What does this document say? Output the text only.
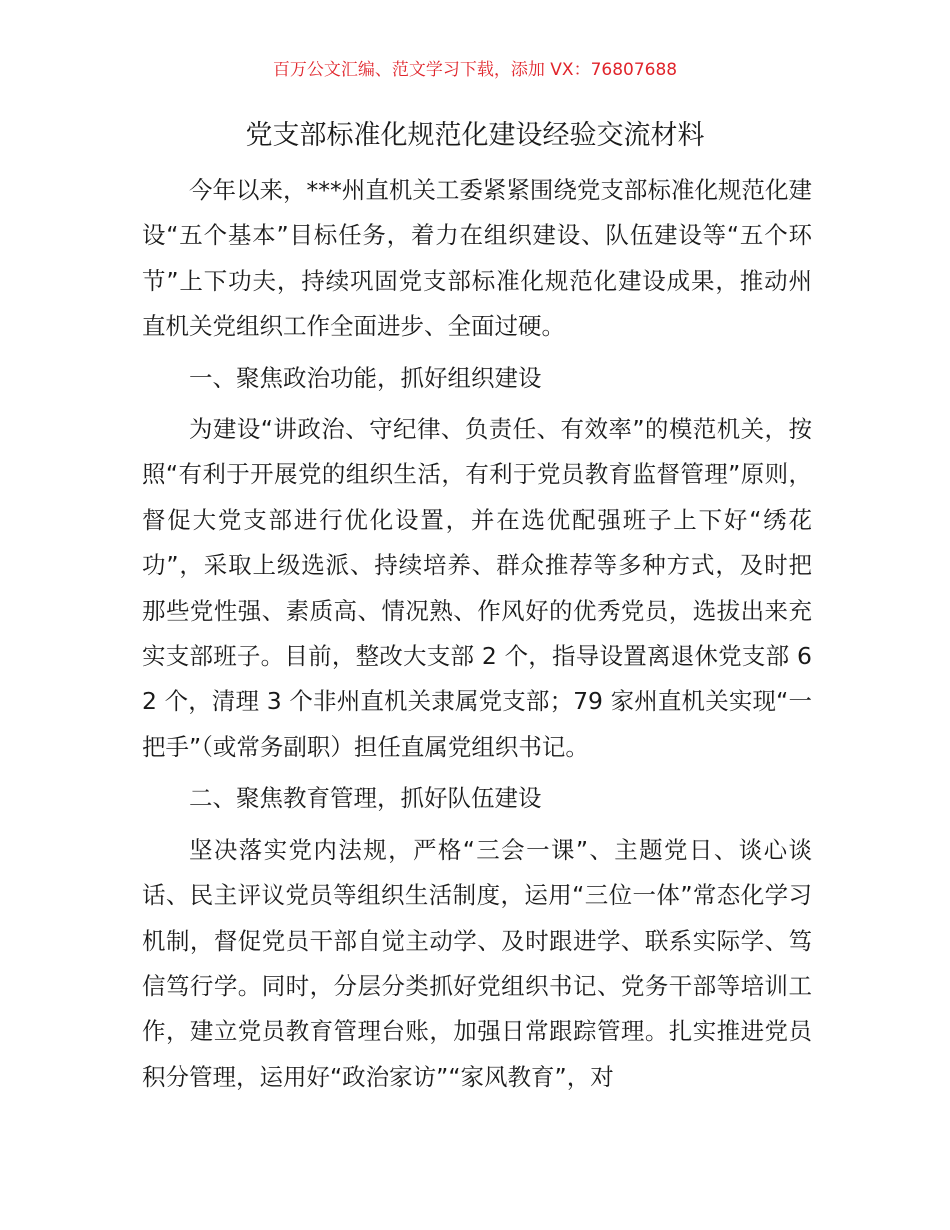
百万公文汇编、范文学习下载，添加 VX：76807688
党支部标准化规范化建设经验交流材料

今年以来，***州直机关工委紧紧围绕党支部标准化规范化建设“五个基本”目标任务，着力在组织建设、队伍建设等“五个环节”上下功夫，持续巩固党支部标准化规范化建设成果，推动州直机关党组织工作全面进步、全面过硬。

一、聚焦政治功能，抓好组织建设

为建设“讲政治、守纪律、负责任、有效率”的模范机关，按照“有利于开展党的组织生活，有利于党员教育监督管理”原则，督促大党支部进行优化设置，并在选优配强班子上下好“绣花功”，采取上级选派、持续培养、群众推荐等多种方式，及时把那些党性强、素质高、情况熟、作风好的优秀党员，选拔出来充实支部班子。目前，整改大支部 2 个，指导设置离退休党支部 62 个，清理 3 个非州直机关隶属党支部；79 家州直机关实现“一把手”（或常务副职）担任直属党组织书记。

二、聚焦教育管理，抓好队伍建设

坚决落实党内法规，严格“三会一课”、主题党日、谈心谈话、民主评议党员等组织生活制度，运用“三位一体”常态化学习机制，督促党员干部自觉主动学、及时跟进学、联系实际学、笃信笃行学。同时，分层分类抓好党组织书记、党务干部等培训工作，建立党员教育管理台账，加强日常跟踪管理。扎实推进党员积分管理，运用好“政治家访”“家风教育”，对
